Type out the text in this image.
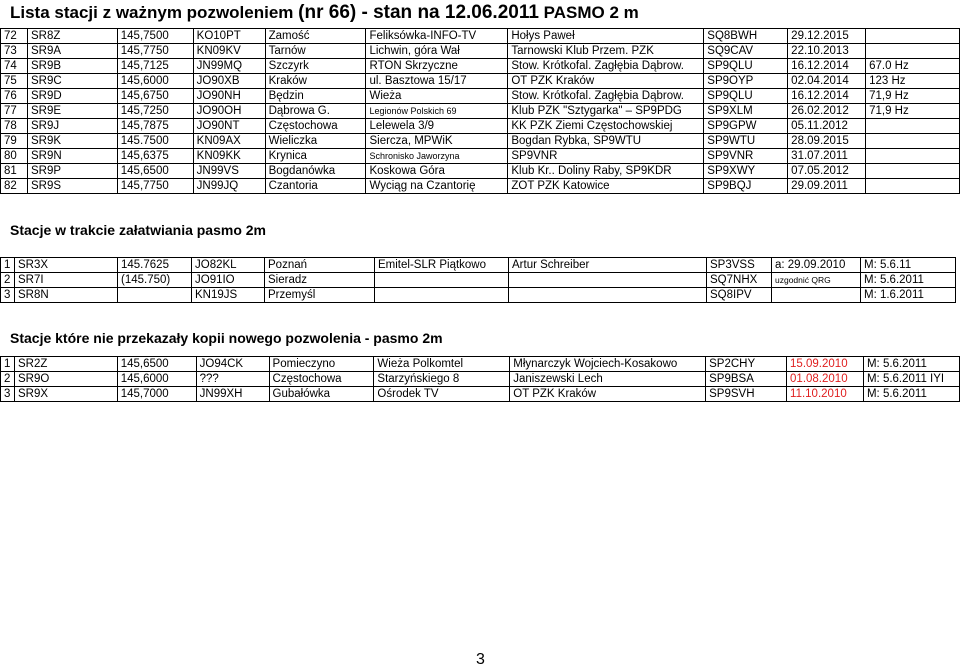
Lista stacji z ważnym pozwoleniem (nr 66) - stan na 12.06.2011 PASMO 2 m
72	SR8Z	145,7500	KO10PT	Zamość	Feliksówka-INFO-TV	Hołys Paweł	SQ8BWH	29.12.2015	
73	SR9A	145,7750	KN09KV	Tarnów	Lichwin, góra Wał	Tarnowski Klub Przem. PZK	SQ9CAV	22.10.2013	
74	SR9B	145,7125	JN99MQ	Szczyrk	RTON Skrzyczne	Stow. Krótkofal. Zagłębia Dąbrow.	SP9QLU	16.12.2014	67.0 Hz
75	SR9C	145,6000	JO90XB	Kraków	ul. Basztowa 15/17	OT PZK Kraków	SP9OYP	02.04.2014	123 Hz
76	SR9D	145,6750	JO90NH	Będzin	Wieża	Stow. Krótkofal. Zagłębia Dąbrow.	SP9QLU	16.12.2014	71,9 Hz
77	SR9E	145,7250	JO90OH	Dąbrowa G.	Legionów Polskich 69	Klub PZK "Sztygarka" – SP9PDG	SP9XLM	26.02.2012	71,9 Hz
78	SR9J	145,7875	JO90NT	Częstochowa	Lelewela 3/9	KK PZK Ziemi Częstochowskiej	SP9GPW	05.11.2012	
79	SR9K	145.7500	KN09AX	Wieliczka	Siercza, MPWiK	Bogdan Rybka, SP9WTU	SP9WTU	28.09.2015	
80	SR9N	145,6375	KN09KK	Krynica	Schronisko Jaworzyna	SP9VNR	SP9VNR	31.07.2011	
81	SR9P	145,6500	JN99VS	Bogdanówka	Koskowa Góra	Klub Kr.. Doliny Raby, SP9KDR	SP9XWY	07.05.2012	
82	SR9S	145,7750	JN99JQ	Czantoria	Wyciąg na Czantorię	ZOT PZK Katowice	SP9BQJ	29.09.2011	
Stacje w trakcie załatwiania pasmo 2m
1	SR3X	145.7625	JO82KL	Poznań	Emitel-SLR Piątkowo	Artur Schreiber	SP3VSS	a: 29.09.2010	M: 5.6.11
2	SR7I	(145.750)	JO91IO	Sieradz			SQ7NHX	uzgodnić QRG	M: 5.6.2011
3	SR8N		KN19JS	Przemyśl			SQ8IPV		M: 1.6.2011
Stacje które nie przekazały kopii nowego pozwolenia - pasmo 2m
1	SR2Z	145,6500	JO94CK	Pomieczyno	Wieża Polkomtel	Młynarczyk Wojciech-Kosakowo	SP2CHY	15.09.2010	M: 5.6.2011
2	SR9O	145,6000	???	Częstochowa	Starzyńskiego 8	Janiszewski Lech	SP9BSA	01.08.2010	M: 5.6.2011 IYI
3	SR9X	145,7000	JN99XH	Gubałówka	Ośrodek TV	OT PZK Kraków	SP9SVH	11.10.2010	M: 5.6.2011
3
